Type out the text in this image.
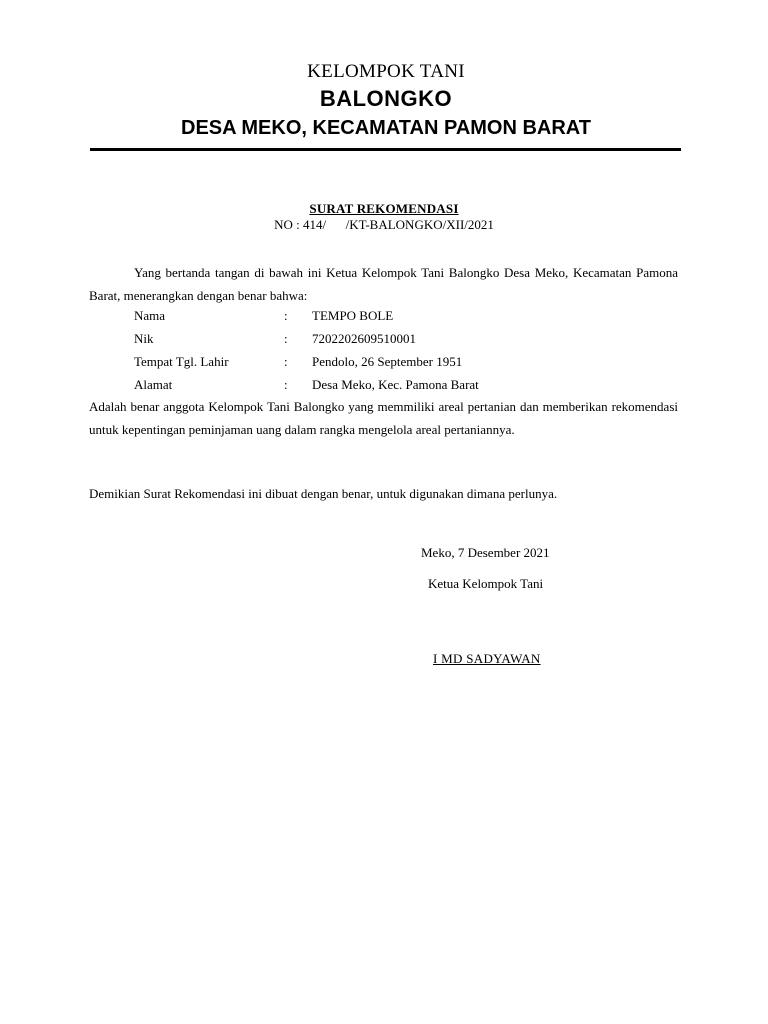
KELOMPOK TANI
BALONGKO
DESA MEKO, KECAMATAN PAMON BARAT
SURAT REKOMENDASI
NO : 414/      /KT-BALONGKO/XII/2021
Yang bertanda tangan di bawah ini Ketua Kelompok Tani Balongko Desa Meko, Kecamatan Pamona Barat, menerangkan dengan benar bahwa:
Nama	: TEMPO BOLE
Nik	: 7202202609510001
Tempat Tgl. Lahir	: Pendolo, 26 September 1951
Alamat	: Desa Meko, Kec. Pamona Barat
Adalah benar anggota Kelompok Tani Balongko yang memmiliki areal pertanian dan memberikan rekomendasi untuk kepentingan peminjaman uang dalam rangka mengelola areal pertaniannya.
Demikian Surat Rekomendasi ini dibuat dengan benar, untuk digunakan dimana perlunya.
Meko, 7 Desember 2021
Ketua Kelompok Tani
I MD SADYAWAN
